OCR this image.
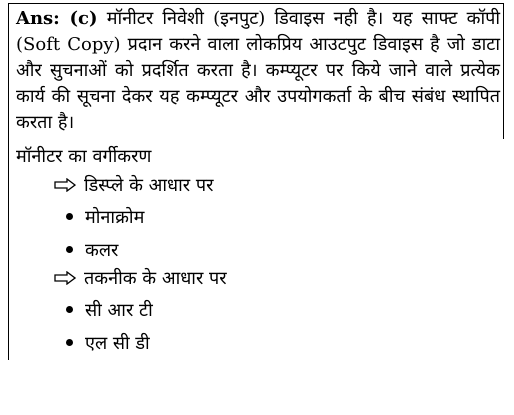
Ans: (c) मॉनीटर निवेशी (इनपुट) डिवाइस नही है। यह साफ्ट कॉपी (Soft Copy) प्रदान करने वाला लोकप्रिय आउटपुट डिवाइस है जो डाटा और सुचनाओं को प्रदर्शित करता है। कम्प्यूटर पर किये जाने वाले प्रत्येक कार्य की सूचना देकर यह कम्प्यूटर और उपयोगकर्ता के बीच संबंध स्थापित करता है।
मॉनीटर का वर्गीकरण
डिस्प्ले के आधार पर
मोनाक्रोम
कलर
तकनीक के आधार पर
सी आर टी
एल सी डी
